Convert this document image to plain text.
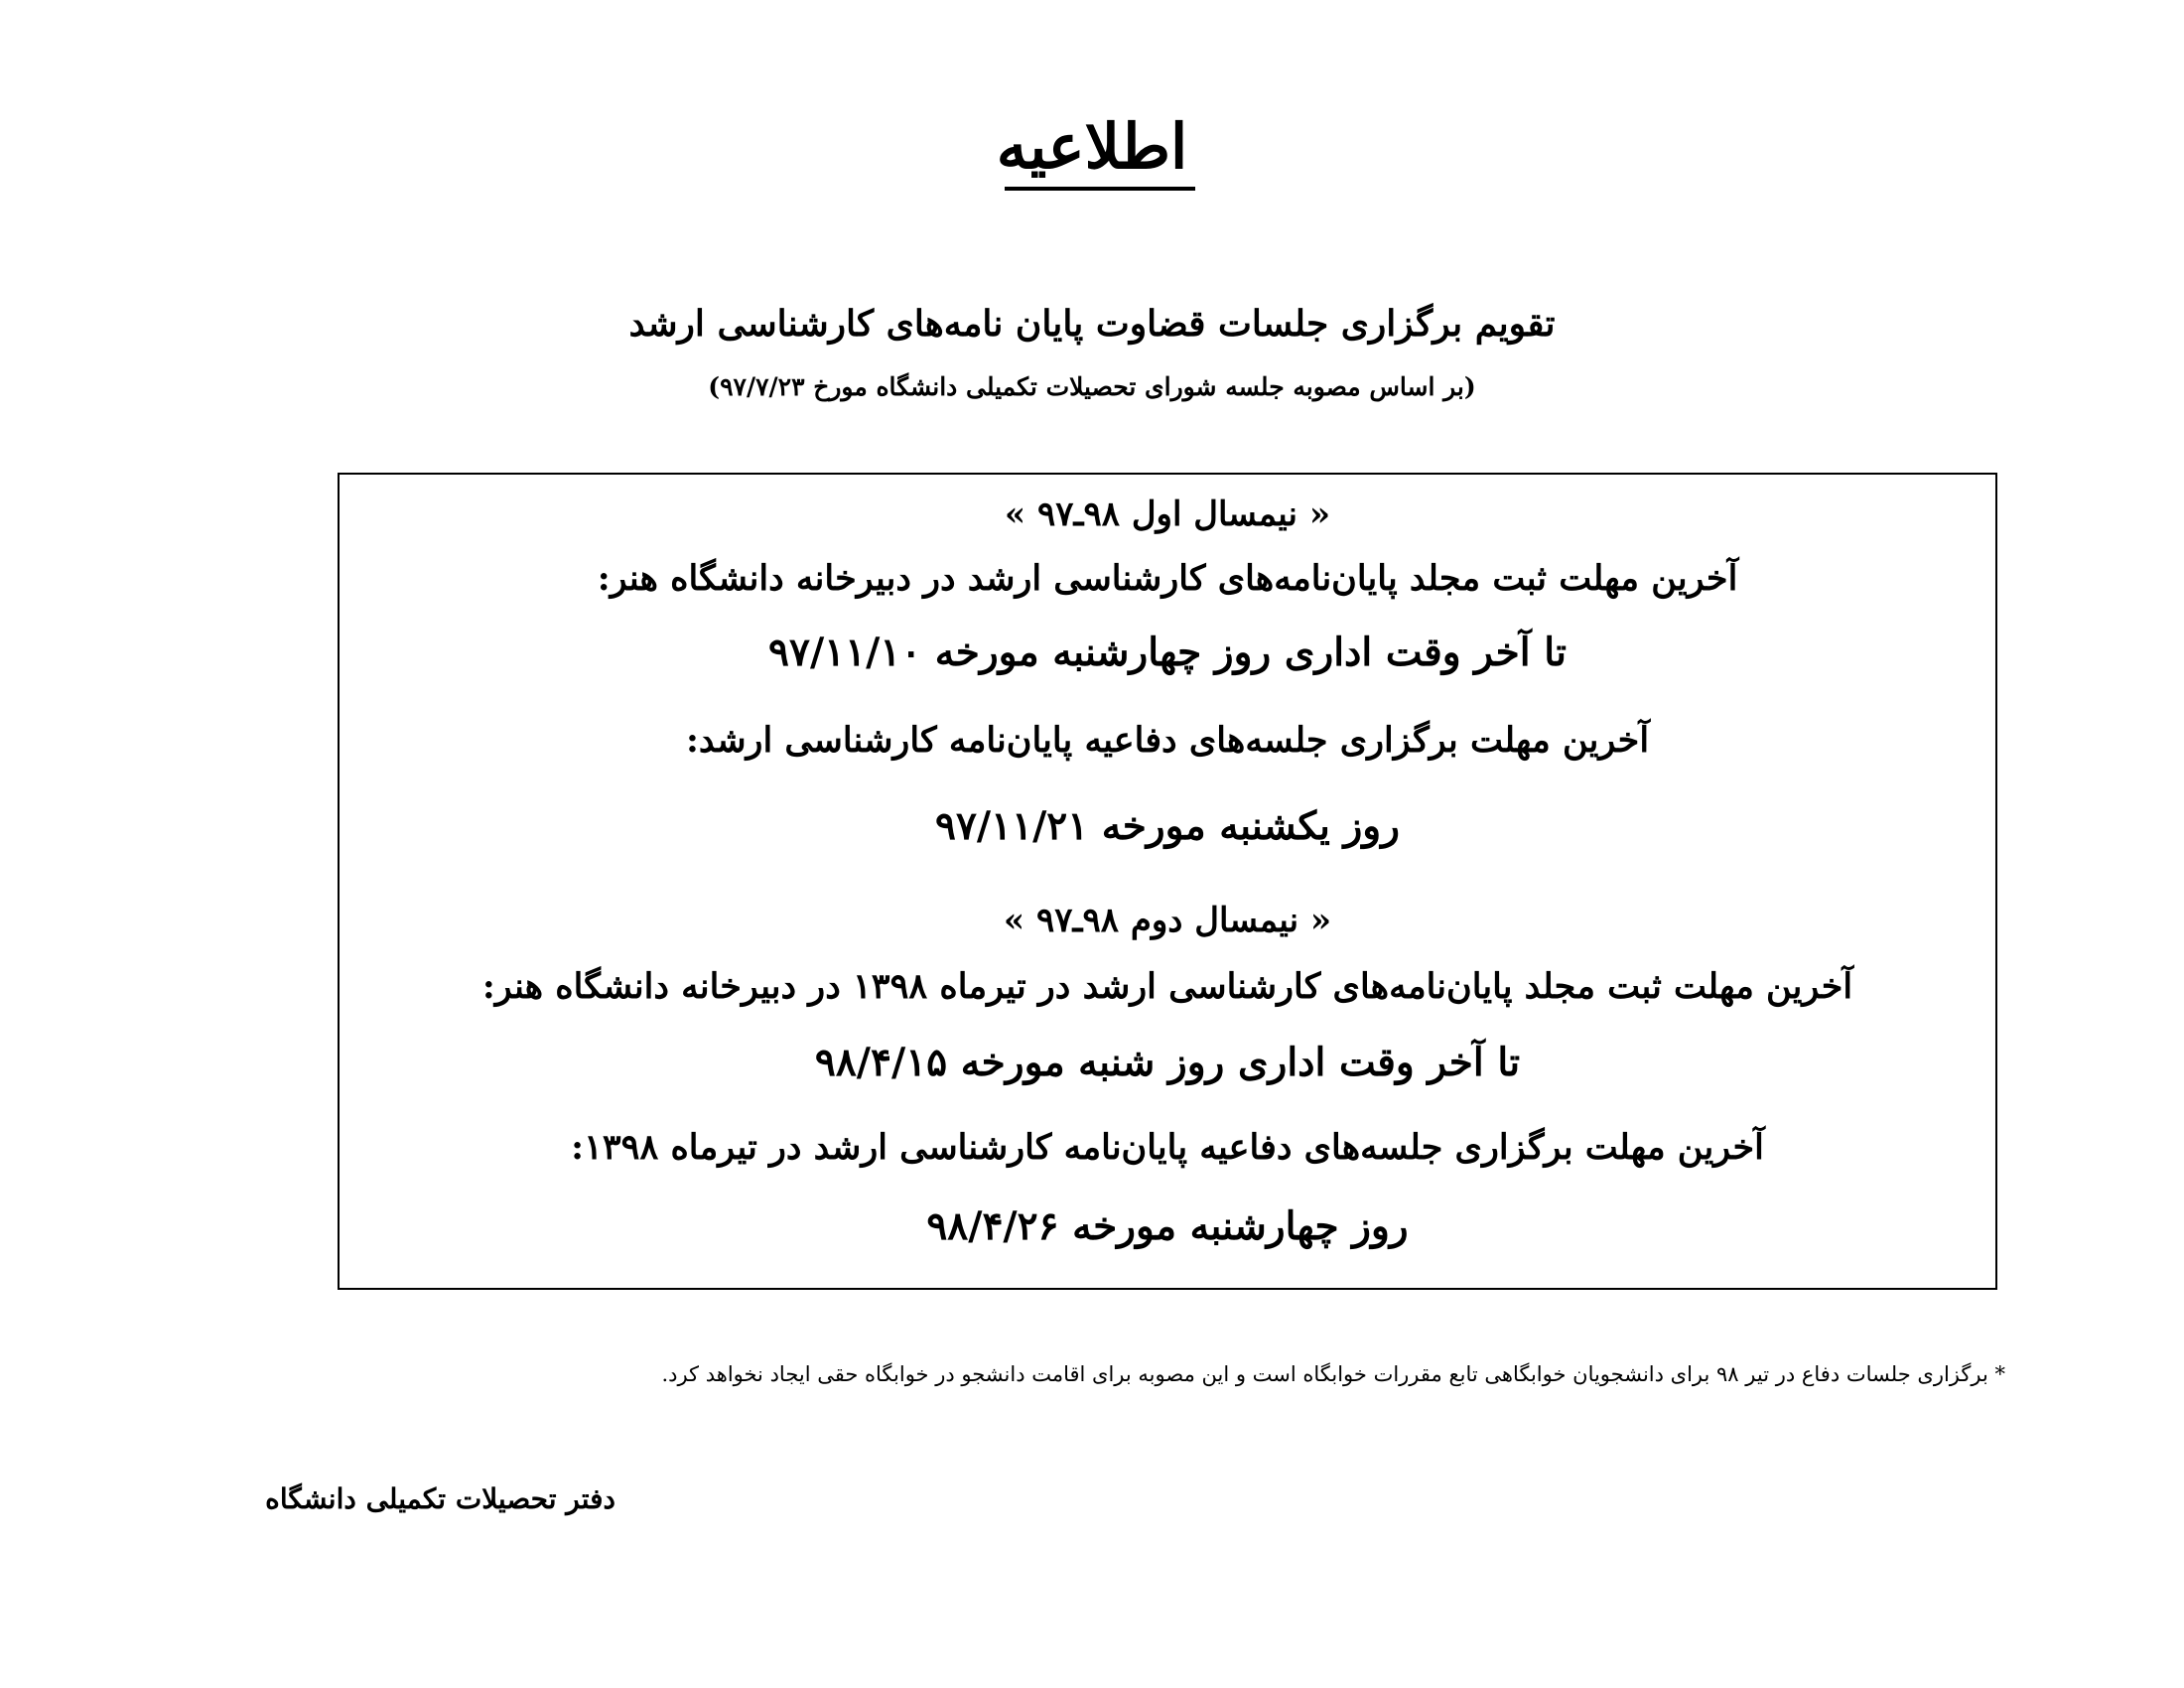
اطلاعیه
تقویم برگزاری جلسات قضاوت پایان نامه‌های کارشناسی ارشد
(بر اساس مصوبه جلسه شورای تحصیلات تکمیلی دانشگاه مورخ ۹۷/۷/۲۳)
« نیمسال اول ۹۸ـ۹۷ »
آخرین مهلت ثبت مجلد پایان‌نامه‌های کارشناسی ارشد در دبیرخانه دانشگاه هنر:
تا آخر وقت اداری روز چهارشنبه مورخه ۹۷/۱۱/۱۰
آخرین مهلت برگزاری جلسه‌های دفاعیه پایان‌نامه کارشناسی ارشد:
روز یکشنبه مورخه ۹۷/۱۱/۲۱
« نیمسال دوم ۹۸ـ۹۷ »
آخرین مهلت ثبت مجلد پایان‌نامه‌های کارشناسی ارشد در تیرماه ۱۳۹۸ در دبیرخانه دانشگاه هنر:
تا آخر وقت اداری روز شنبه مورخه ۹۸/۴/۱۵
آخرین مهلت برگزاری جلسه‌های دفاعیه پایان‌نامه کارشناسی ارشد در تیرماه ۱۳۹۸:
روز چهارشنبه مورخه ۹۸/۴/۲۶
* برگزاری جلسات دفاع در تیر ۹۸ برای دانشجویان خوابگاهی تابع مقررات خوابگاه است و این مصوبه برای اقامت دانشجو در خوابگاه حقی ایجاد نخواهد کرد.
دفتر تحصیلات تکمیلی دانشگاه
